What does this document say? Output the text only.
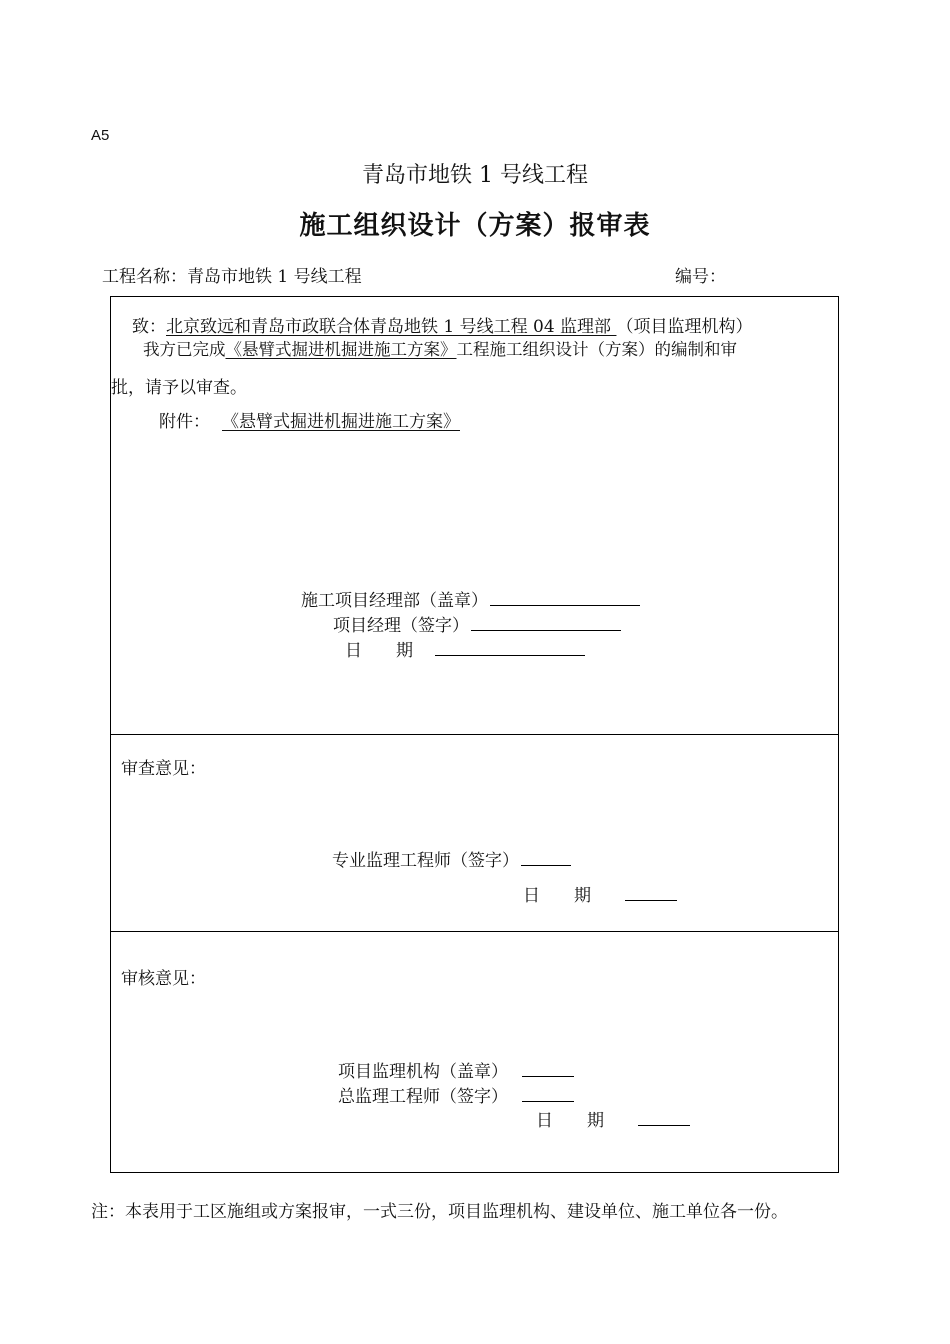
A5
青岛市地铁 1 号线工程
施工组织设计（方案）报审表
工程名称：青岛市地铁 1 号线工程	编号：
致：北京致远和青岛市政联合体青岛地铁 1 号线工程 04 监理部 （项目监理机构）
我方已完成《悬臂式掘进机掘进施工方案》工程施工组织设计（方案）的编制和审
批，请予以审查。
附件： 《悬臂式掘进机掘进施工方案》
施工项目经理部（盖章）
项目经理（签字）
日　　期
审查意见：
专业监理工程师（签字）
日　　期
审核意见：
项目监理机构（盖章）
总监理工程师（签字）
日　　期
注：本表用于工区施组或方案报审，一式三份，项目监理机构、建设单位、施工单位各一份。
